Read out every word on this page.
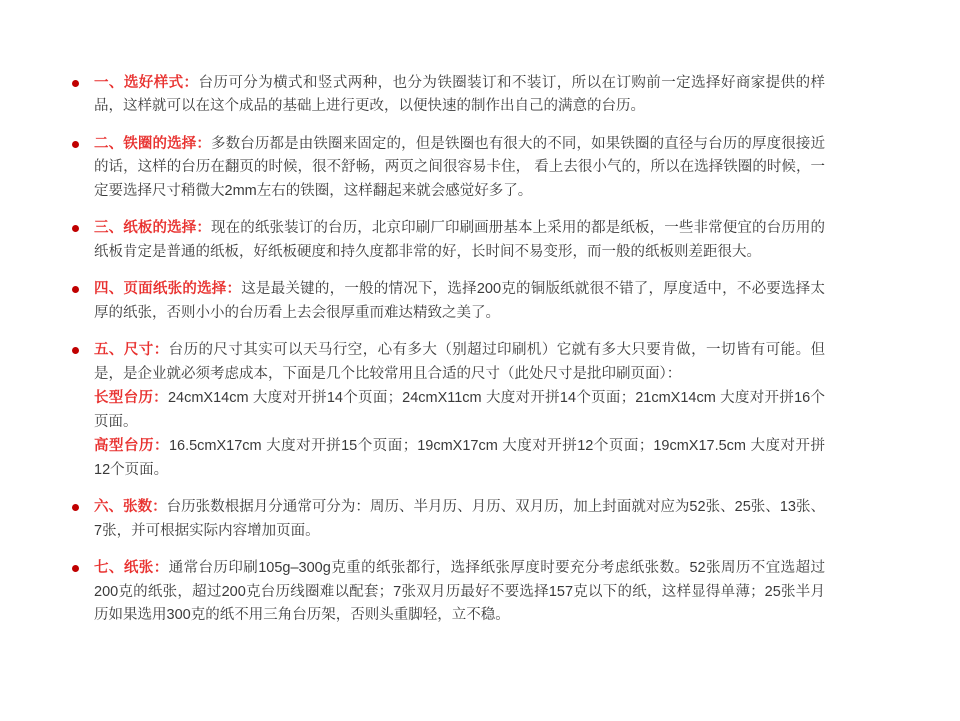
一、选好样式：台历可分为横式和竖式两种，也分为铁圈装订和不装订，所以在订购前一定选择好商家提供的样品，这样就可以在这个成品的基础上进行更改，以便快速的制作出自己的满意的台历。
二、铁圈的选择：多数台历都是由铁圈来固定的，但是铁圈也有很大的不同，如果铁圈的直径与台历的厚度很接近的话，这样的台历在翻页的时候，很不舒畅，两页之间很容易卡住， 看上去很小气的，所以在选择铁圈的时候，一定要选择尺寸稍微大2mm左右的铁圈，这样翻起来就会感觉好多了。
三、纸板的选择：现在的纸张装订的台历，北京印刷厂印刷画册基本上采用的都是纸板，一些非常便宜的台历用的纸板肯定是普通的纸板，好纸板硬度和持久度都非常的好，长时间不易变形，而一般的纸板则差距很大。
四、页面纸张的选择：这是最关键的，一般的情况下，选择200克的铜版纸就很不错了，厚度适中，不必要选择太厚的纸张，否则小小的台历看上去会很厚重而难达精致之美了。
五、尺寸：台历的尺寸其实可以天马行空，心有多大（别超过印刷机）它就有多大只要肯做，一切皆有可能。但是，是企业就必须考虑成本，下面是几个比较常用且合适的尺寸（此处尺寸是批印刷页面）：
长型台历：24cmX14cm 大度对开拼14个页面；24cmX11cm 大度对开拼14个页面；21cmX14cm 大度对开拼16个页面。
高型台历：16.5cmX17cm 大度对开拼15个页面；19cmX17cm 大度对开拼12个页面；19cmX17.5cm 大度对开拼12个页面。
六、张数：台历张数根据月分通常可分为：周历、半月历、月历、双月历，加上封面就对应为52张、25张、13张、7张，并可根据实际内容增加页面。
七、纸张：通常台历印刷105g–300g克重的纸张都行，选择纸张厚度时要充分考虑纸张数。52张周历不宜选超过200克的纸张，超过200克台历线圈难以配套；7张双月历最好不要选择157克以下的纸，这样显得单薄；25张半月历如果选用300克的纸不用三角台历架，否则头重脚轻，立不稳。
